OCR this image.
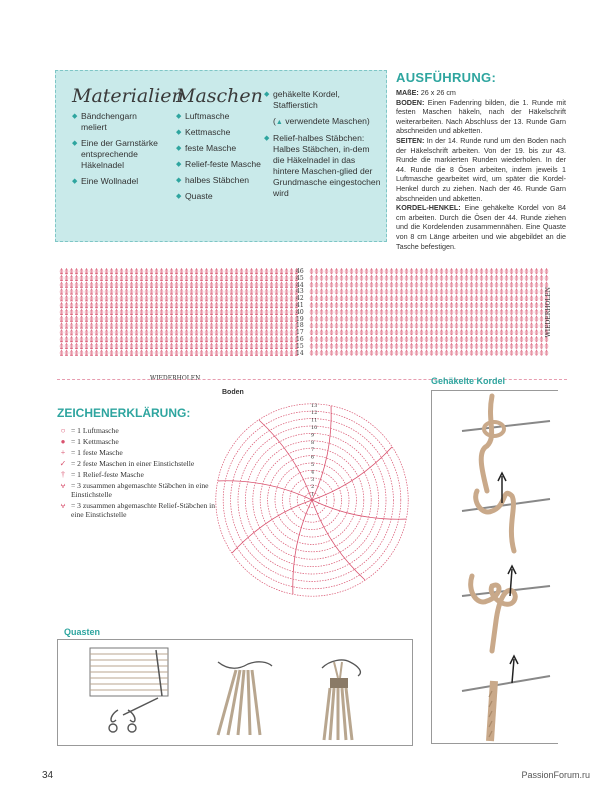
Materialien
◆ Bändchengarn meliert
◆ Eine der Garnstärke entsprechende Häkelnadel
◆ Eine Wollnadel
Maschen
◆ Luftmasche
◆ Kettmasche
◆ feste Masche
◆ Relief-feste Masche
◆ halbes Stäbchen
◆ Quaste
◆ gehäkelte Kordel, Staffierstich
(▲ verwendete Maschen)
◆ Relief-halbes Stäbchen: Halbes Stäbchen, in-dem die Häkelnadel in das hintere Maschen-glied der Grundmasche eingestochen wird
AUSFÜHRUNG:

MAßE: 26 x 26 cm
BODEN: Einen Fadenring bilden, die 1. Runde mit festen Maschen häkeln, nach der Häkelschrift weiterarbeiten. Nach Abschluss der 13. Runde Garn abschneiden und abketten.
SEITEN: In der 14. Runde rund um den Boden nach der Häkelschrift arbeiten. Von der 19. bis zur 43. Runde die markierten Runden wiederholen. In der 44. Runde die 8 Ösen arbeiten, indem jeweils 1 Luftmasche gearbeitet wird, um später die Kordel-Henkel durch zu ziehen. Nach der 46. Runde Garn abschneiden und abketten.
KORDEL-HENKEL: Eine gehäkelte Kordel von 84 cm arbeiten. Durch die Ösen der 44. Runde ziehen und die Kordelenden zusammennähen. Eine Quaste von 8 cm Länge arbeiten und wie abgebildet an die Tasche befestigen.

46
45
44
43
42
41
40
19
18
17
16
15
14
WIEDERHOLEN
WIEDERHOLEN
Boden
ZEICHENERKLÄRUNG:
○ = 1 Luftmasche
● = 1 Kettmasche
+ = 1 feste Masche
✓ = 2 feste Maschen in einer Einstichstelle
† = 1 Relief-feste Masche
⩝ = 3 zusammen abgemaschte Stäbchen in eine Einstichstelle
⩝ = 3 zusammen abgemaschte Relief-Stäbchen in eine Einstichstelle
13
12
11
10
9
8
7
6
5
4
3
2
1
Gehäkelte Kordel
Quasten
34	PassionForum.ru
